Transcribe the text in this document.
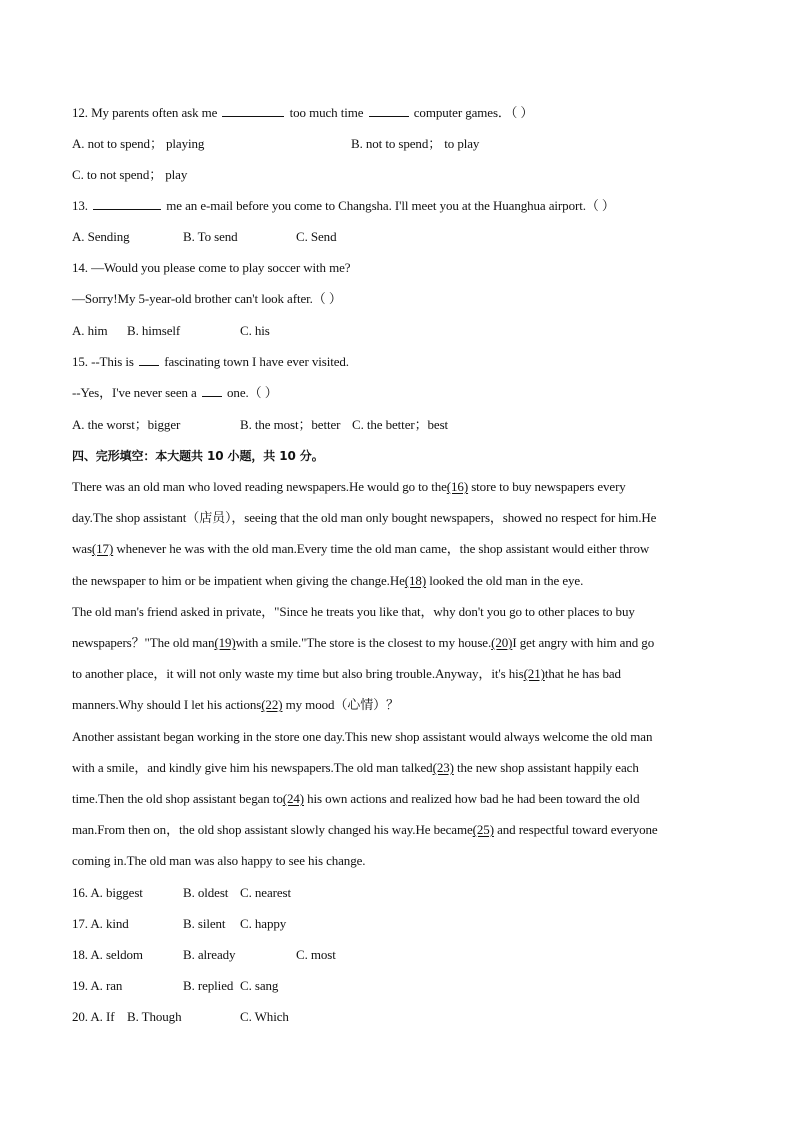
12. My parents often ask me	too much time	computer games．（ ）
A. not to spend； playing	B. not to spend； to play
C. to not spend； play
13.	me an e-mail before you come to Changsha. I'll meet you at the Huanghua airport.（ ）
A. Sending	B. To send	C. Send
14. —Would you please come to play soccer with me?
—Sorry!My 5-year-old brother can't look after.（ ）
A. him B. himself	C. his
15. --This is fascinating town I have ever visited.
--Yes，I've never seen a one.（ ）
A. the worst；bigger	B. the most；better C. the better；best
四、完形填空：本大题共 10 小题，共 10 分。
There was an old man who loved reading newspapers.He would go to the(16) store to buy newspapers every
day.The shop assistant（店员），seeing that the old man only bought newspapers，showed no respect for him.He
was(17) whenever he was with the old man.Every time the old man came，the shop assistant would either throw
the newspaper to him or be impatient when giving the change.He(18) looked the old man in the eye.
The old man's friend asked in private，"Since he treats you like that，why don't you go to other places to buy
newspapers？"The old man(19)with a smile."The store is the closest to my house.(20)I get angry with him and go
to another place，it will not only waste my time but also bring trouble.Anyway，it's his(21)that he has bad
manners.Why should I let his actions(22) my mood（心情）？
Another assistant began working in the store one day.This new shop assistant would always welcome the old man
with a smile，and kindly give him his newspapers.The old man talked(23) the new shop assistant happily each
time.Then the old shop assistant began to(24) his own actions and realized how bad he had been toward the old
man.From then on，the old shop assistant slowly changed his way.He became(25) and respectful toward everyone
coming in.The old man was also happy to see his change.
16. A. biggest	B. oldest C. nearest
17. A. kind	B. silent C. happy
18. A. seldom	B. already	C. most
19. A. ran	B. replied C. sang
20. A. If B. Though	C. Which
